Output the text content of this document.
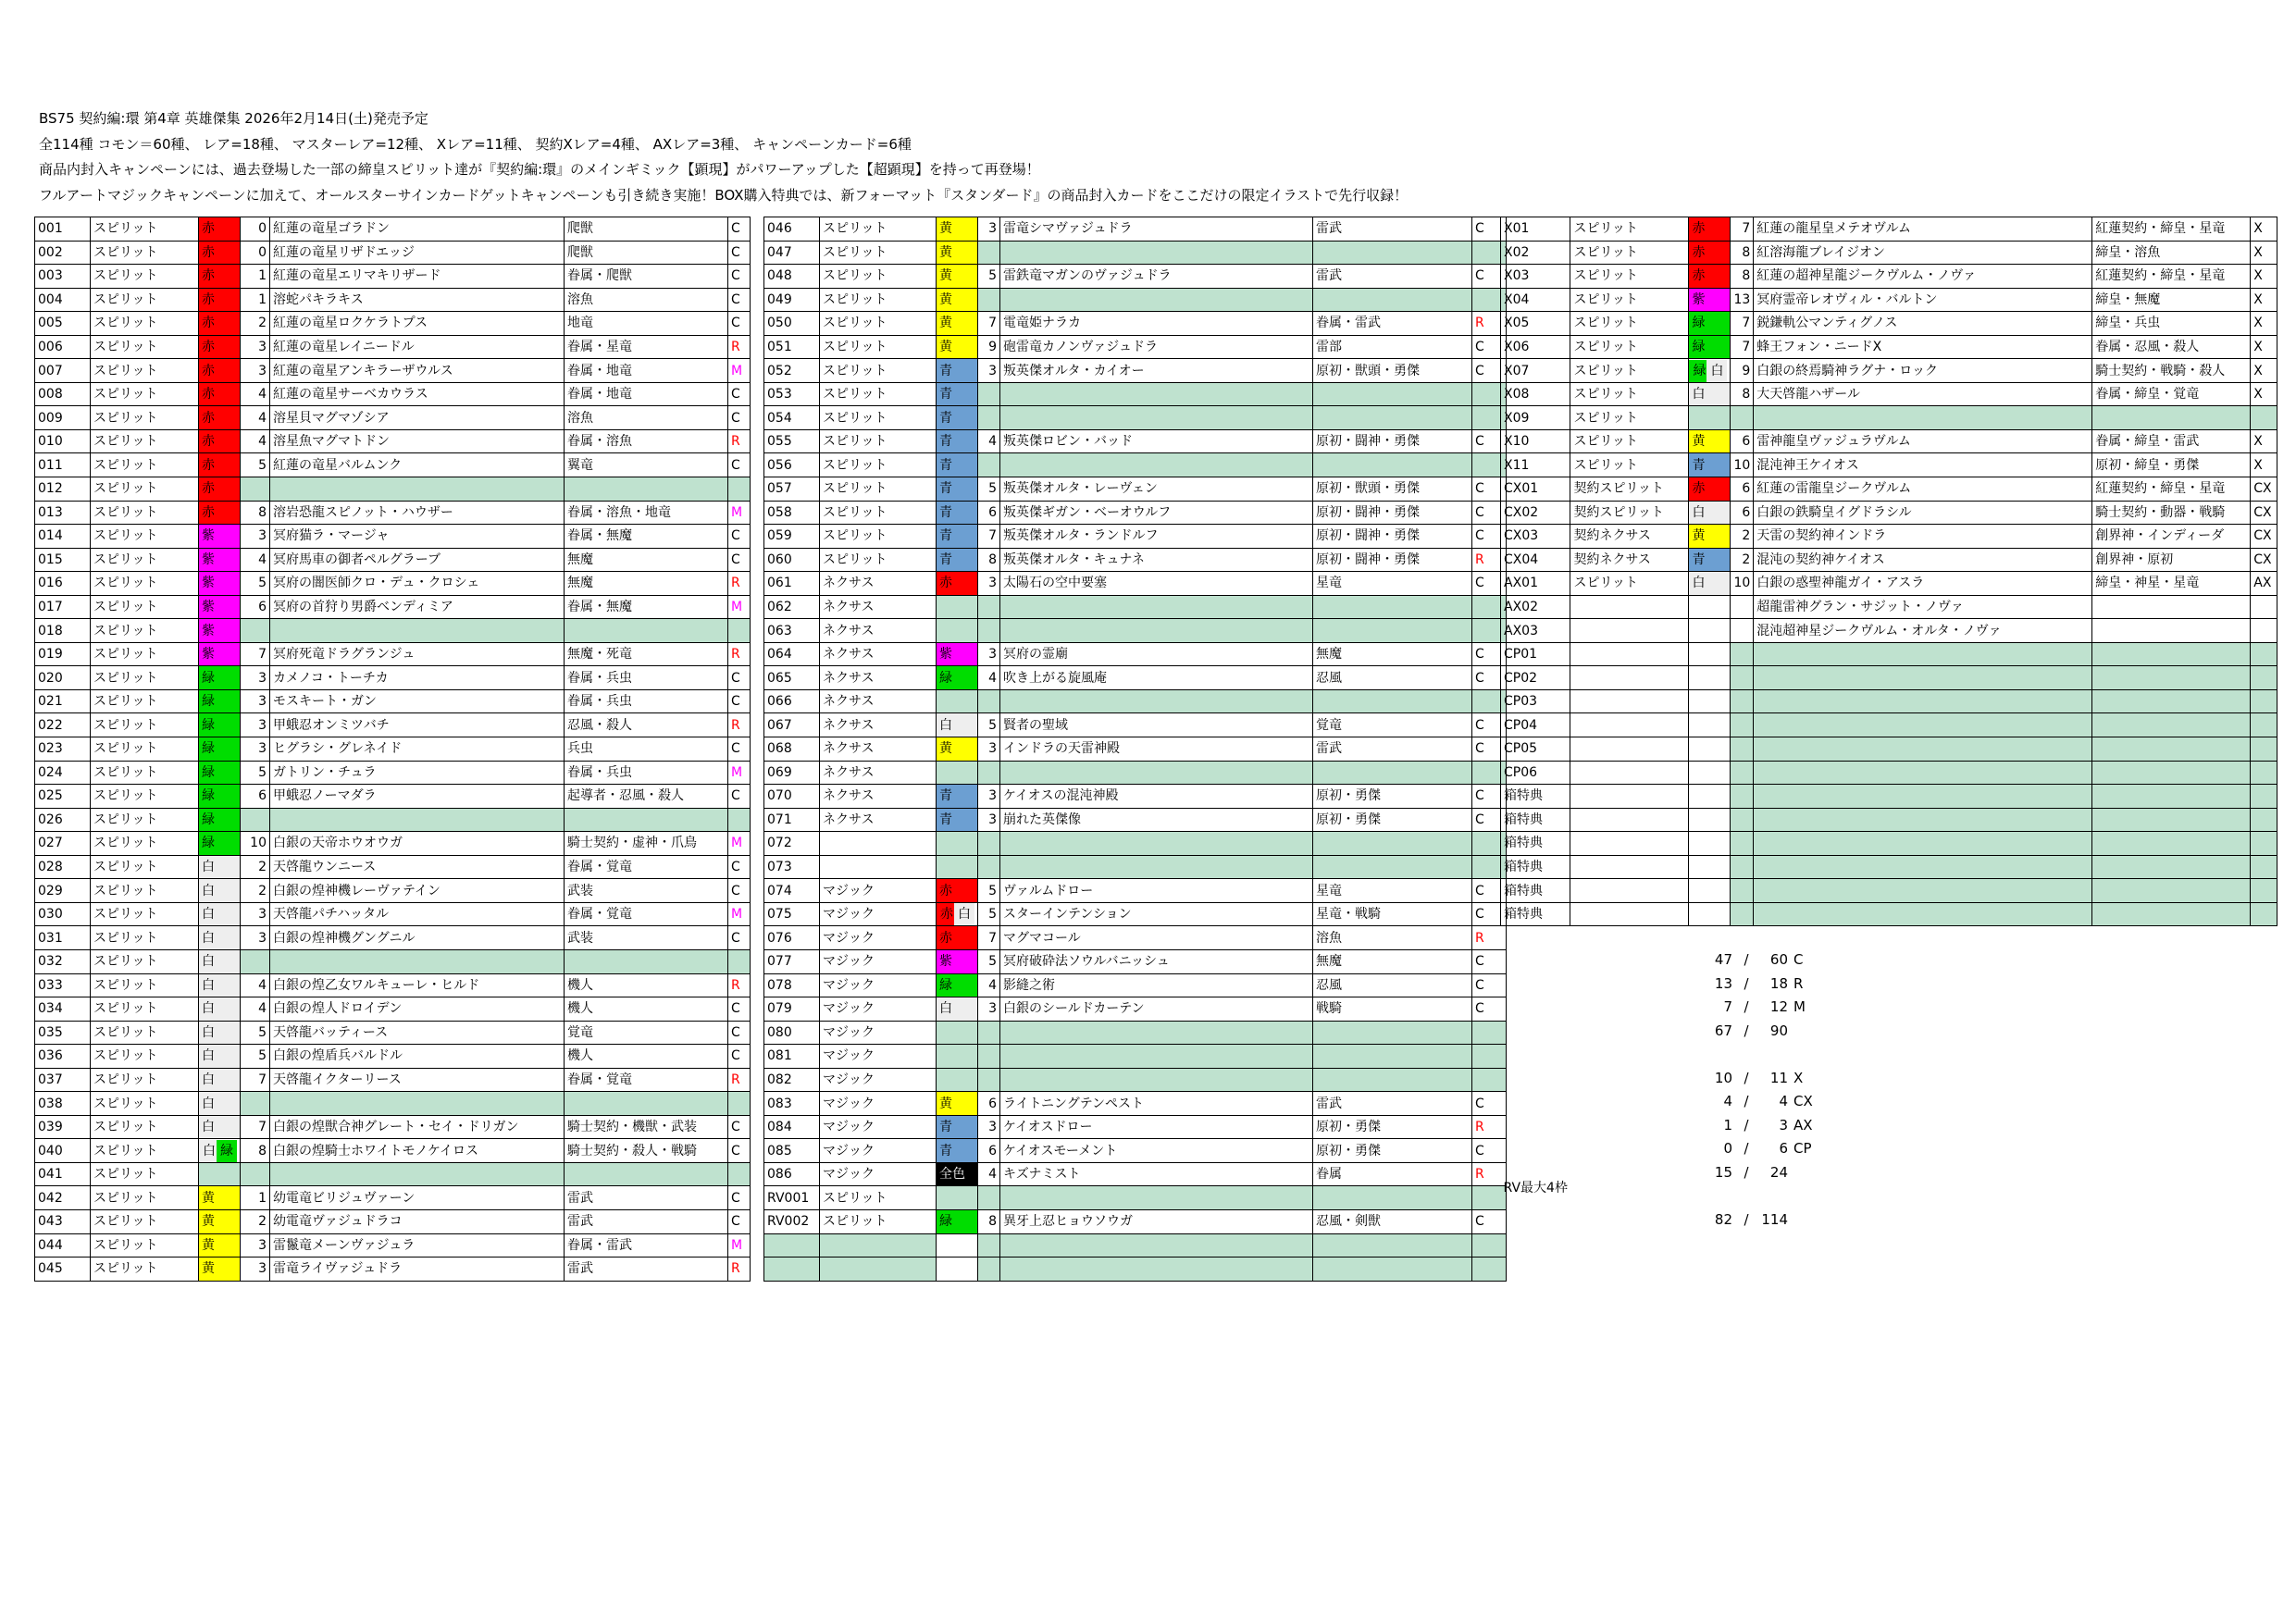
BS75 契約編:環 第4章 英雄傑集 2026年2月14日(土)発売予定
全114種 コモン＝60種、 レア=18種、 マスターレア=12種、 Xレア=11種、 契約Xレア=4種、 AXレア=3種、 キャンペーンカード=6種
商品内封入キャンペーンには、過去登場した一部の締皇スピリット達が『契約編:環』のメインギミック【顕現】がパワーアップした【超顕現】を持って再登場！
フルアートマジックキャンペーンに加えて、オールスターサインカードゲットキャンペーンも引き続き実施！BOX購入特典では、新フォーマット『スタンダード』の商品封入カードをここだけの限定イラストで先行収録！
001	スピリット	赤	0	紅蓮の竜星ゴラドン	爬獣	C
002	スピリット	赤	0	紅蓮の竜星リザドエッジ	爬獣	C
003	スピリット	赤	1	紅蓮の竜星エリマキリザード	眷属・爬獣	C
004	スピリット	赤	1	溶蛇パキラキス	溶魚	C
005	スピリット	赤	2	紅蓮の竜星ロクケラトプス	地竜	C
006	スピリット	赤	3	紅蓮の竜星レイニードル	眷属・星竜	R
007	スピリット	赤	3	紅蓮の竜星アンキラーザウルス	眷属・地竜	M
008	スピリット	赤	4	紅蓮の竜星サーベカウラス	眷属・地竜	C
009	スピリット	赤	4	溶星貝マグマゾシア	溶魚	C
010	スピリット	赤	4	溶星魚マグマトドン	眷属・溶魚	R
011	スピリット	赤	5	紅蓮の竜星バルムンク	翼竜	C
012	スピリット	赤				
013	スピリット	赤	8	溶岩恐龍スピノット・ハウザー	眷属・溶魚・地竜	M
014	スピリット	紫	3	冥府猫ラ・マージャ	眷属・無魔	C
015	スピリット	紫	4	冥府馬車の御者ペルグラーブ	無魔	C
016	スピリット	紫	5	冥府の闇医師クロ・デュ・クロシェ	無魔	R
017	スピリット	紫	6	冥府の首狩り男爵ベンディミア	眷属・無魔	M
018	スピリット	紫				
019	スピリット	紫	7	冥府死竜ドラグランジュ	無魔・死竜	R
020	スピリット	緑	3	カメノコ・トーチカ	眷属・兵虫	C
021	スピリット	緑	3	モスキート・ガン	眷属・兵虫	C
022	スピリット	緑	3	甲蛾忍オンミツバチ	忍風・殺人	R
023	スピリット	緑	3	ヒグラシ・グレネイド	兵虫	C
024	スピリット	緑	5	ガトリン・チュラ	眷属・兵虫	M
025	スピリット	緑	6	甲蛾忍ノーマダラ	起導者・忍風・殺人	C
026	スピリット	緑				
027	スピリット	緑	10	白銀の天帝ホウオウガ	騎士契約・虚神・爪鳥	M
028	スピリット	白	2	天啓龍ウンニース	眷属・覚竜	C
029	スピリット	白	2	白銀の煌神機レーヴァテイン	武装	C
030	スピリット	白	3	天啓龍パチハッタル	眷属・覚竜	M
031	スピリット	白	3	白銀の煌神機グングニル	武装	C
032	スピリット	白				
033	スピリット	白	4	白銀の煌乙女ワルキューレ・ヒルド	機人	R
034	スピリット	白	4	白銀の煌人ドロイデン	機人	C
035	スピリット	白	5	天啓龍バッティース	覚竜	C
036	スピリット	白	5	白銀の煌盾兵バルドル	機人	C
037	スピリット	白	7	天啓龍イクターリース	眷属・覚竜	R
038	スピリット	白				
039	スピリット	白	7	白銀の煌獣合神グレート・セイ・ドリガン	騎士契約・機獣・武装	C
040	スピリット	白 緑	8	白銀の煌騎士ホワイトモノケイロス	騎士契約・殺人・戦騎	C
041	スピリット					
042	スピリット	黄	1	幼電竜ビリジュヴァーン	雷武	C
043	スピリット	黄	2	幼電竜ヴァジュドラコ	雷武	C
044	スピリット	黄	3	雷鬣竜メーンヴァジュラ	眷属・雷武	M
045	スピリット	黄	3	雷竜ライヴァジュドラ	雷武	R
046	スピリット	黄	3	雷竜シマヴァジュドラ	雷武	C
047	スピリット	黄				
048	スピリット	黄	5	雷鉄竜マガンのヴァジュドラ	雷武	C
049	スピリット	黄				
050	スピリット	黄	7	電竜姫ナラカ	眷属・雷武	R
051	スピリット	黄	9	砲雷竜カノンヴァジュドラ	雷部	C
052	スピリット	青	3	叛英傑オルタ・カイオー	原初・獣頭・勇傑	C
053	スピリット	青				
054	スピリット	青				
055	スピリット	青	4	叛英傑ロビン・バッド	原初・闘神・勇傑	C
056	スピリット	青				
057	スピリット	青	5	叛英傑オルタ・レーヴェン	原初・獣頭・勇傑	C
058	スピリット	青	6	叛英傑ギガン・ベーオウルフ	原初・闘神・勇傑	C
059	スピリット	青	7	叛英傑オルタ・ランドルフ	原初・闘神・勇傑	C
060	スピリット	青	8	叛英傑オルタ・キュナネ	原初・闘神・勇傑	R
061	ネクサス	赤	3	太陽石の空中要塞	星竜	C
062	ネクサス					
063	ネクサス					
064	ネクサス	紫	3	冥府の霊廟	無魔	C
065	ネクサス	緑	4	吹き上がる旋風庵	忍風	C
066	ネクサス					
067	ネクサス	白	5	賢者の聖域	覚竜	C
068	ネクサス	黄	3	インドラの天雷神殿	雷武	C
069	ネクサス					
070	ネクサス	青	3	ケイオスの混沌神殿	原初・勇傑	C
071	ネクサス	青	3	崩れた英傑像	原初・勇傑	C
072						
073						
074	マジック	赤	5	ヴァルムドロー	星竜	C
075	マジック	赤 白	5	スターインテンション	星竜・戦騎	C
076	マジック	赤	7	マグマコール	溶魚	R
077	マジック	紫	5	冥府破砕法ソウルバニッシュ	無魔	C
078	マジック	緑	4	影縫之術	忍風	C
079	マジック	白	3	白銀のシールドカーテン	戦騎	C
080	マジック					
081	マジック					
082	マジック					
083	マジック	黄	6	ライトニングテンペスト	雷武	C
084	マジック	青	3	ケイオスドロー	原初・勇傑	R
085	マジック	青	6	ケイオスモーメント	原初・勇傑	C
086	マジック	全色	4	キズナミスト	眷属	R
RV001	スピリット					
RV002	スピリット	緑	8	異牙上忍ヒョウソウガ	忍風・剣獣	C

X01	スピリット	赤	7	紅蓮の龍星皇メテオヴルム	紅蓮契約・締皇・星竜	X
X02	スピリット	赤	8	紅溶海龍ブレイジオン	締皇・溶魚	X
X03	スピリット	赤	8	紅蓮の超神星龍ジークヴルム・ノヴァ	紅蓮契約・締皇・星竜	X
X04	スピリット	紫	13	冥府霊帝レオヴィル・バルトン	締皇・無魔	X
X05	スピリット	緑	7	鋭鎌軌公マンティグノス	締皇・兵虫	X
X06	スピリット	緑	7	蜂王フォン・ニードX	眷属・忍風・殺人	X
X07	スピリット	緑 白	9	白銀の終焉騎神ラグナ・ロック	騎士契約・戦騎・殺人	X
X08	スピリット	白	8	大天啓龍ハザール	眷属・締皇・覚竜	X
X09	スピリット					
X10	スピリット	黄	6	雷神龍皇ヴァジュラヴルム	眷属・締皇・雷武	X
X11	スピリット	青	10	混沌神王ケイオス	原初・締皇・勇傑	X
CX01	契約スピリット	赤	6	紅蓮の雷龍皇ジークヴルム	紅蓮契約・締皇・星竜	CX
CX02	契約スピリット	白	6	白銀の鉄騎皇イグドラシル	騎士契約・動器・戦騎	CX
CX03	契約ネクサス	黄	2	天雷の契約神インドラ	創界神・インディーダ	CX
CX04	契約ネクサス	青	2	混沌の契約神ケイオス	創界神・原初	CX
AX01	スピリット	白	10	白銀の惑聖神龍ガイ・アスラ	締皇・神星・星竜	AX
AX02				超龍雷神グラン・サジット・ノヴァ		
AX03				混沌超神星ジークヴルム・オルタ・ノヴァ		
CP01						
CP02						
CP03						
CP04						
CP05						
CP06						
箱特典						
箱特典						
箱特典						
箱特典						
箱特典						
箱特典						

RV最大4枠						

47 / 60 C
13 / 18 R
7 / 12 M
67 / 90
10 / 11 X
4 / 4 CX
1 / 3 AX
0 / 6 CP
15 / 24
82 / 114
